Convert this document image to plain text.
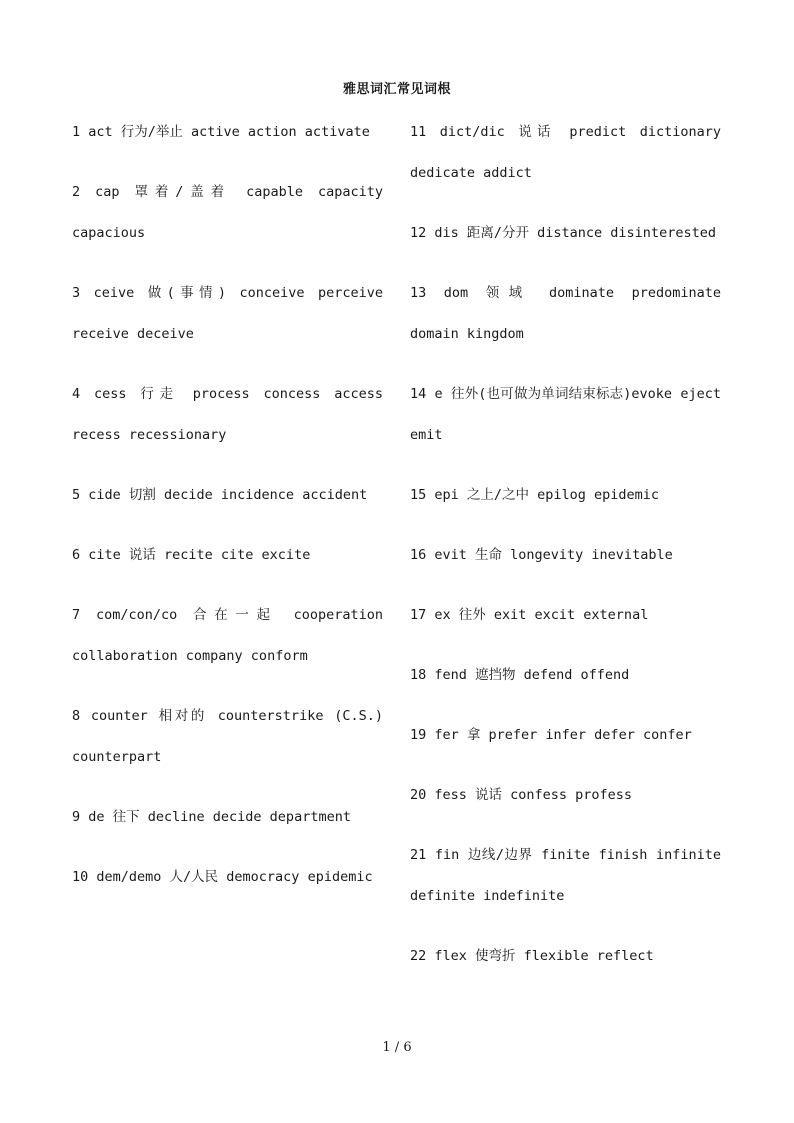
雅思词汇常见词根
1 act 行为/举止 active action activate
2 cap 罩着/盖着 capable capacity capacious
3 ceive 做(事情) conceive perceive receive deceive
4 cess 行走 process concess access recess recessionary
5 cide 切割 decide incidence accident
6 cite 说话 recite cite excite
7 com/con/co 合在一起 cooperation collaboration company conform
8 counter 相对的 counterstrike (C.S.) counterpart
9 de 往下 decline decide department
10 dem/demo 人/人民 democracy epidemic
11 dict/dic 说话 predict dictionary dedicate addict
12 dis 距离/分开 distance disinterested
13 dom 领域 dominate predominate domain kingdom
14 e 往外(也可做为单词结束标志)evoke eject emit
15 epi 之上/之中 epilog epidemic
16 evit 生命 longevity inevitable
17 ex 往外 exit excit external
18 fend 遮挡物 defend offend
19 fer 拿 prefer infer defer confer
20 fess 说话 confess profess
21 fin 边线/边界 finite finish infinite definite indefinite
22 flex 使弯折 flexible reflect
1 / 6
